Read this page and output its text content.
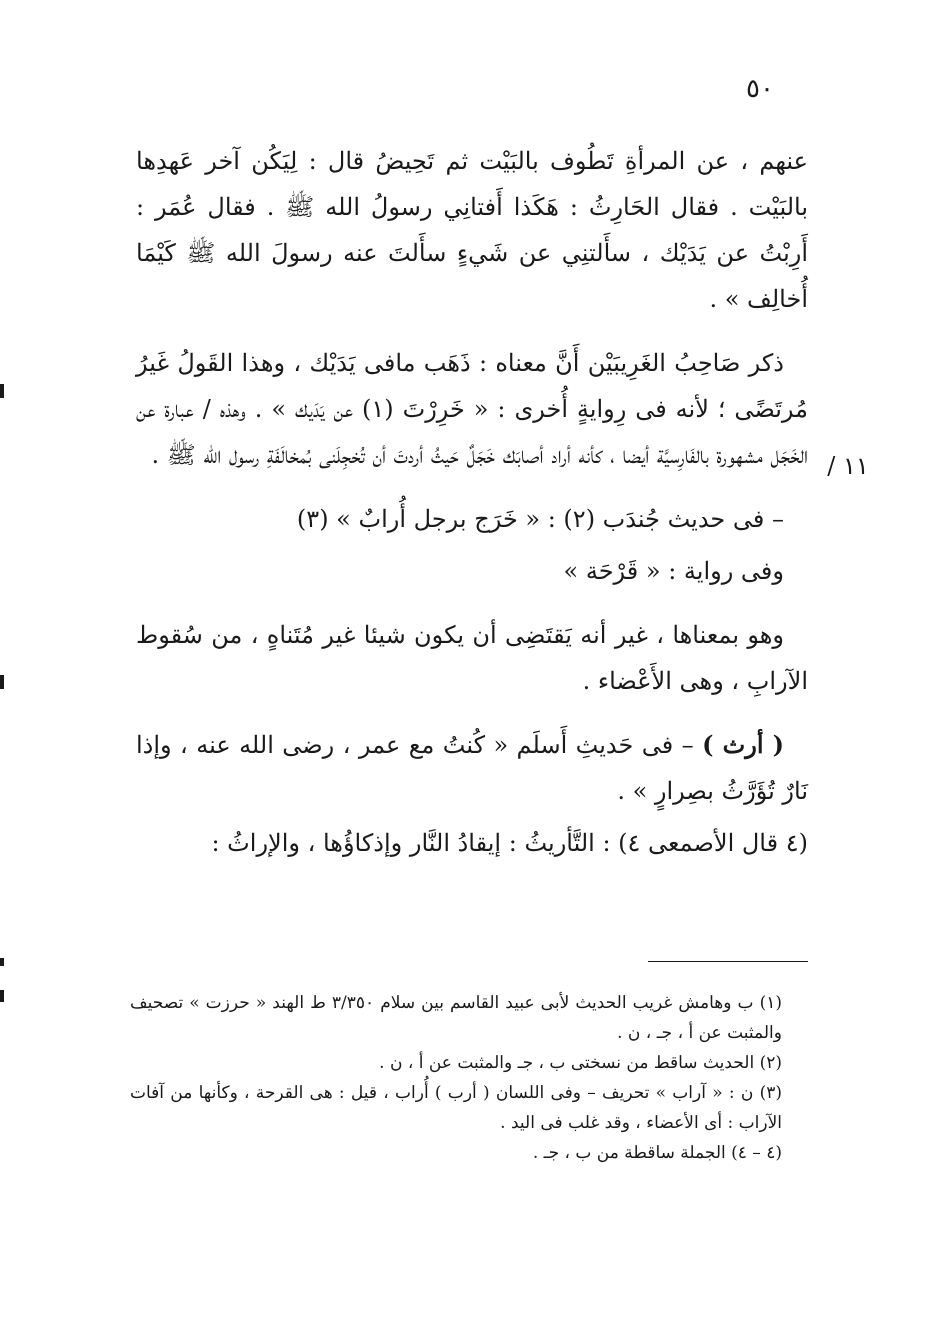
٥٠
١١ /

عنهم ، عن المرأةِ تَطُوف بالبَيْت ثم تَحِيضُ قال : لِيَكُن آخر عَهدِها بالبَيْت . فقال الحَارِثُ : هَكَذا أَفتانِي رسولُ الله ﷺ . فقال عُمَر : أَرِبْتُ عن يَدَيْك ، سأَلتنِي عن شَيءٍ سأَلتَ عنه رسولَ الله ﷺ كَيْمَا أُخالِف » .

ذكر صَاحِبُ الغَرِيبَيْن أَنَّ معناه : ذَهَب مافى يَدَيْك ، وهذا القَولُ غَيرُ مُرتَضًى ؛ لأنه فى رِوايةٍ أُخرى : « خَرِرْتَ (١) عن يَدَيك » . وهذه / عبارة عن الخَجَل مشهورة بالفَارِسيَّة أيضا ، كأنه أراد أصابَك خَجَلٌ حَيثُ أردتَ أن تُخجِلَنى بُمخالَفَةِ رسول الله ﷺ .

– فى حديث جُندَب (٢) : « خَرَج برجل أُرابٌ » (٣)

وفى رواية : « قَرْحَة »

وهو بمعناها ، غير أنه يَقتَضِى أن يكون شيئا غير مُتَناهٍ ، من سُقوط الآرابِ ، وهى الأَعْضاء .

( أرث ) – فى حَديثِ أَسلَم « كُنتُ مع عمر ، رضى الله عنه ، وإذا نَارٌ تُؤَرَّثُ بصِرارٍ » .

(٤ قال الأصمعى ٤) : التَّأريثُ : إيقادُ النَّار وإذكاؤُها ، والإراثُ :

(١) ب وهامش غريب الحديث لأبى عبيد القاسم بين سلام ٣/٣٥٠ ط الهند « حرزت » تصحيف والمثبت عن أ ، جـ ، ن .

(٢) الحديث ساقط من نسختى ب ، جـ والمثبت عن أ ، ن .

(٣) ن : « آراب » تحريف – وفى اللسان ( أرب ) أُراب ، قيل : هى القرحة ، وكأنها من آفات الآراب : أى الأعضاء ، وقد غلب فى اليد .

(٤ – ٤) الجملة ساقطة من ب ، جـ .
